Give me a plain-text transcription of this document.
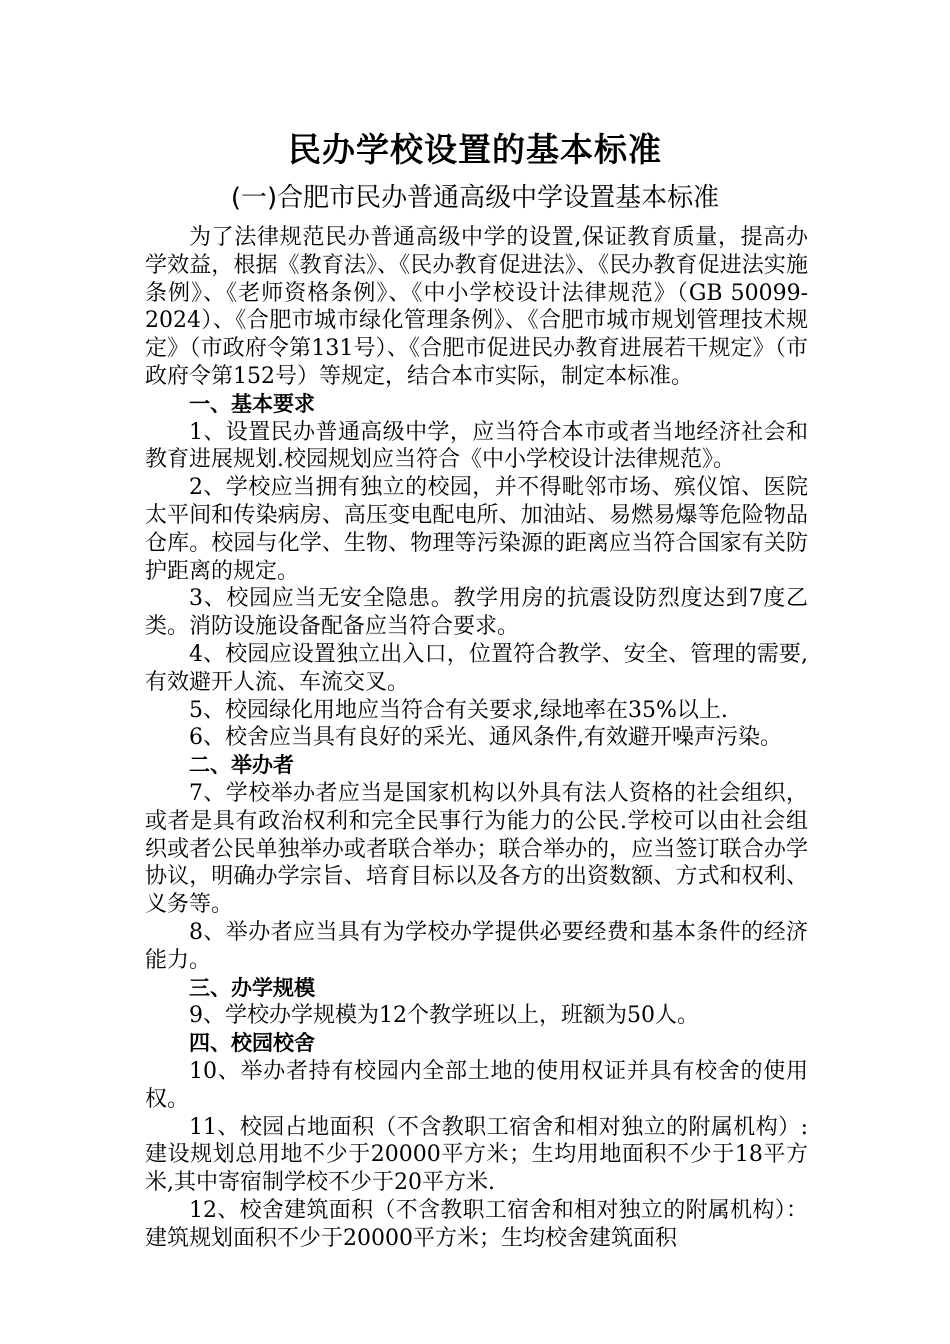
民办学校设置的基本标准
(一)合肥市民办普通高级中学设置基本标准

为了法律规范民办普通高级中学的设置,保证教育质量，提高办学效益，根据《教育法》、《民办教育促进法》、《民办教育促进法实施条例》、《老师资格条例》、《中小学校设计法律规范》（GB 50099-2024）、《合肥市城市绿化管理条例》、《合肥市城市规划管理技术规定》（市政府令第131号）、《合肥市促进民办教育进展若干规定》（市政府令第152号）等规定，结合本市实际，制定本标准。

一、基本要求

1、设置民办普通高级中学，应当符合本市或者当地经济社会和教育进展规划.校园规划应当符合《中小学校设计法律规范》。

2、学校应当拥有独立的校园，并不得毗邻市场、殡仪馆、医院太平间和传染病房、高压变电配电所、加油站、易燃易爆等危险物品仓库。校园与化学、生物、物理等污染源的距离应当符合国家有关防护距离的规定。

3、校园应当无安全隐患。教学用房的抗震设防烈度达到7度乙类。消防设施设备配备应当符合要求。

4、校园应设置独立出入口，位置符合教学、安全、管理的需要,有效避开人流、车流交叉。

5、校园绿化用地应当符合有关要求,绿地率在35%以上.

6、校舍应当具有良好的采光、通风条件,有效避开噪声污染。

二、举办者

7、学校举办者应当是国家机构以外具有法人资格的社会组织，或者是具有政治权利和完全民事行为能力的公民.学校可以由社会组织或者公民单独举办或者联合举办；联合举办的，应当签订联合办学协议，明确办学宗旨、培育目标以及各方的出资数额、方式和权利、义务等。

8、举办者应当具有为学校办学提供必要经费和基本条件的经济能力。

三、办学规模

9、学校办学规模为12个教学班以上，班额为50人。

四、校园校舍

10、举办者持有校园内全部土地的使用权证并具有校舍的使用权。

11、校园占地面积（不含教职工宿舍和相对独立的附属机构）:建设规划总用地不少于20000平方米；生均用地面积不少于18平方米,其中寄宿制学校不少于20平方米.

12、校舍建筑面积（不含教职工宿舍和相对独立的附属机构）：建筑规划面积不少于20000平方米；生均校舍建筑面积
